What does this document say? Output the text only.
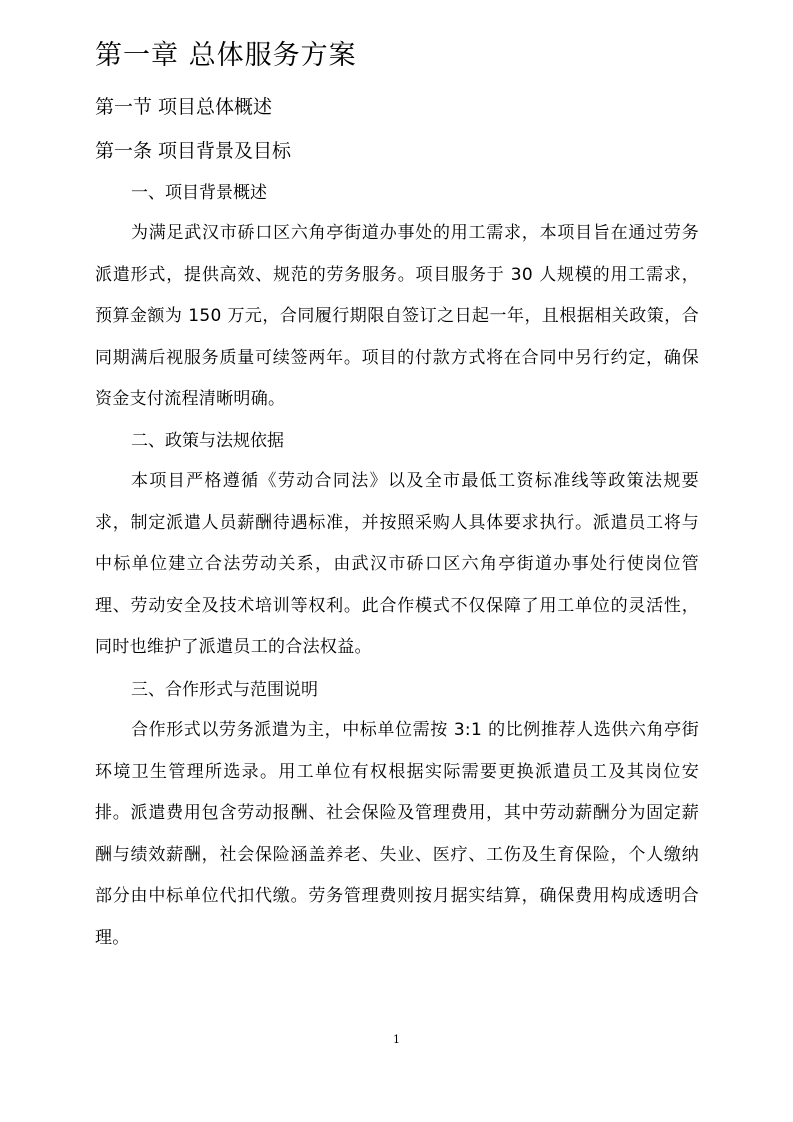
第一章 总体服务方案
第一节 项目总体概述
第一条 项目背景及目标
一、项目背景概述

为满足武汉市硚口区六角亭街道办事处的用工需求，本项目旨在通过劳务派遣形式，提供高效、规范的劳务服务。项目服务于 30 人规模的用工需求，预算金额为 150 万元，合同履行期限自签订之日起一年，且根据相关政策，合同期满后视服务质量可续签两年。项目的付款方式将在合同中另行约定，确保资金支付流程清晰明确。

二、政策与法规依据

本项目严格遵循《劳动合同法》以及全市最低工资标准线等政策法规要求，制定派遣人员薪酬待遇标准，并按照采购人具体要求执行。派遣员工将与中标单位建立合法劳动关系，由武汉市硚口区六角亭街道办事处行使岗位管理、劳动安全及技术培训等权利。此合作模式不仅保障了用工单位的灵活性，同时也维护了派遣员工的合法权益。

三、合作形式与范围说明

合作形式以劳务派遣为主，中标单位需按 3:1 的比例推荐人选供六角亭街环境卫生管理所选录。用工单位有权根据实际需要更换派遣员工及其岗位安排。派遣费用包含劳动报酬、社会保险及管理费用，其中劳动薪酬分为固定薪酬与绩效薪酬，社会保险涵盖养老、失业、医疗、工伤及生育保险，个人缴纳部分由中标单位代扣代缴。劳务管理费则按月据实结算，确保费用构成透明合理。

1
